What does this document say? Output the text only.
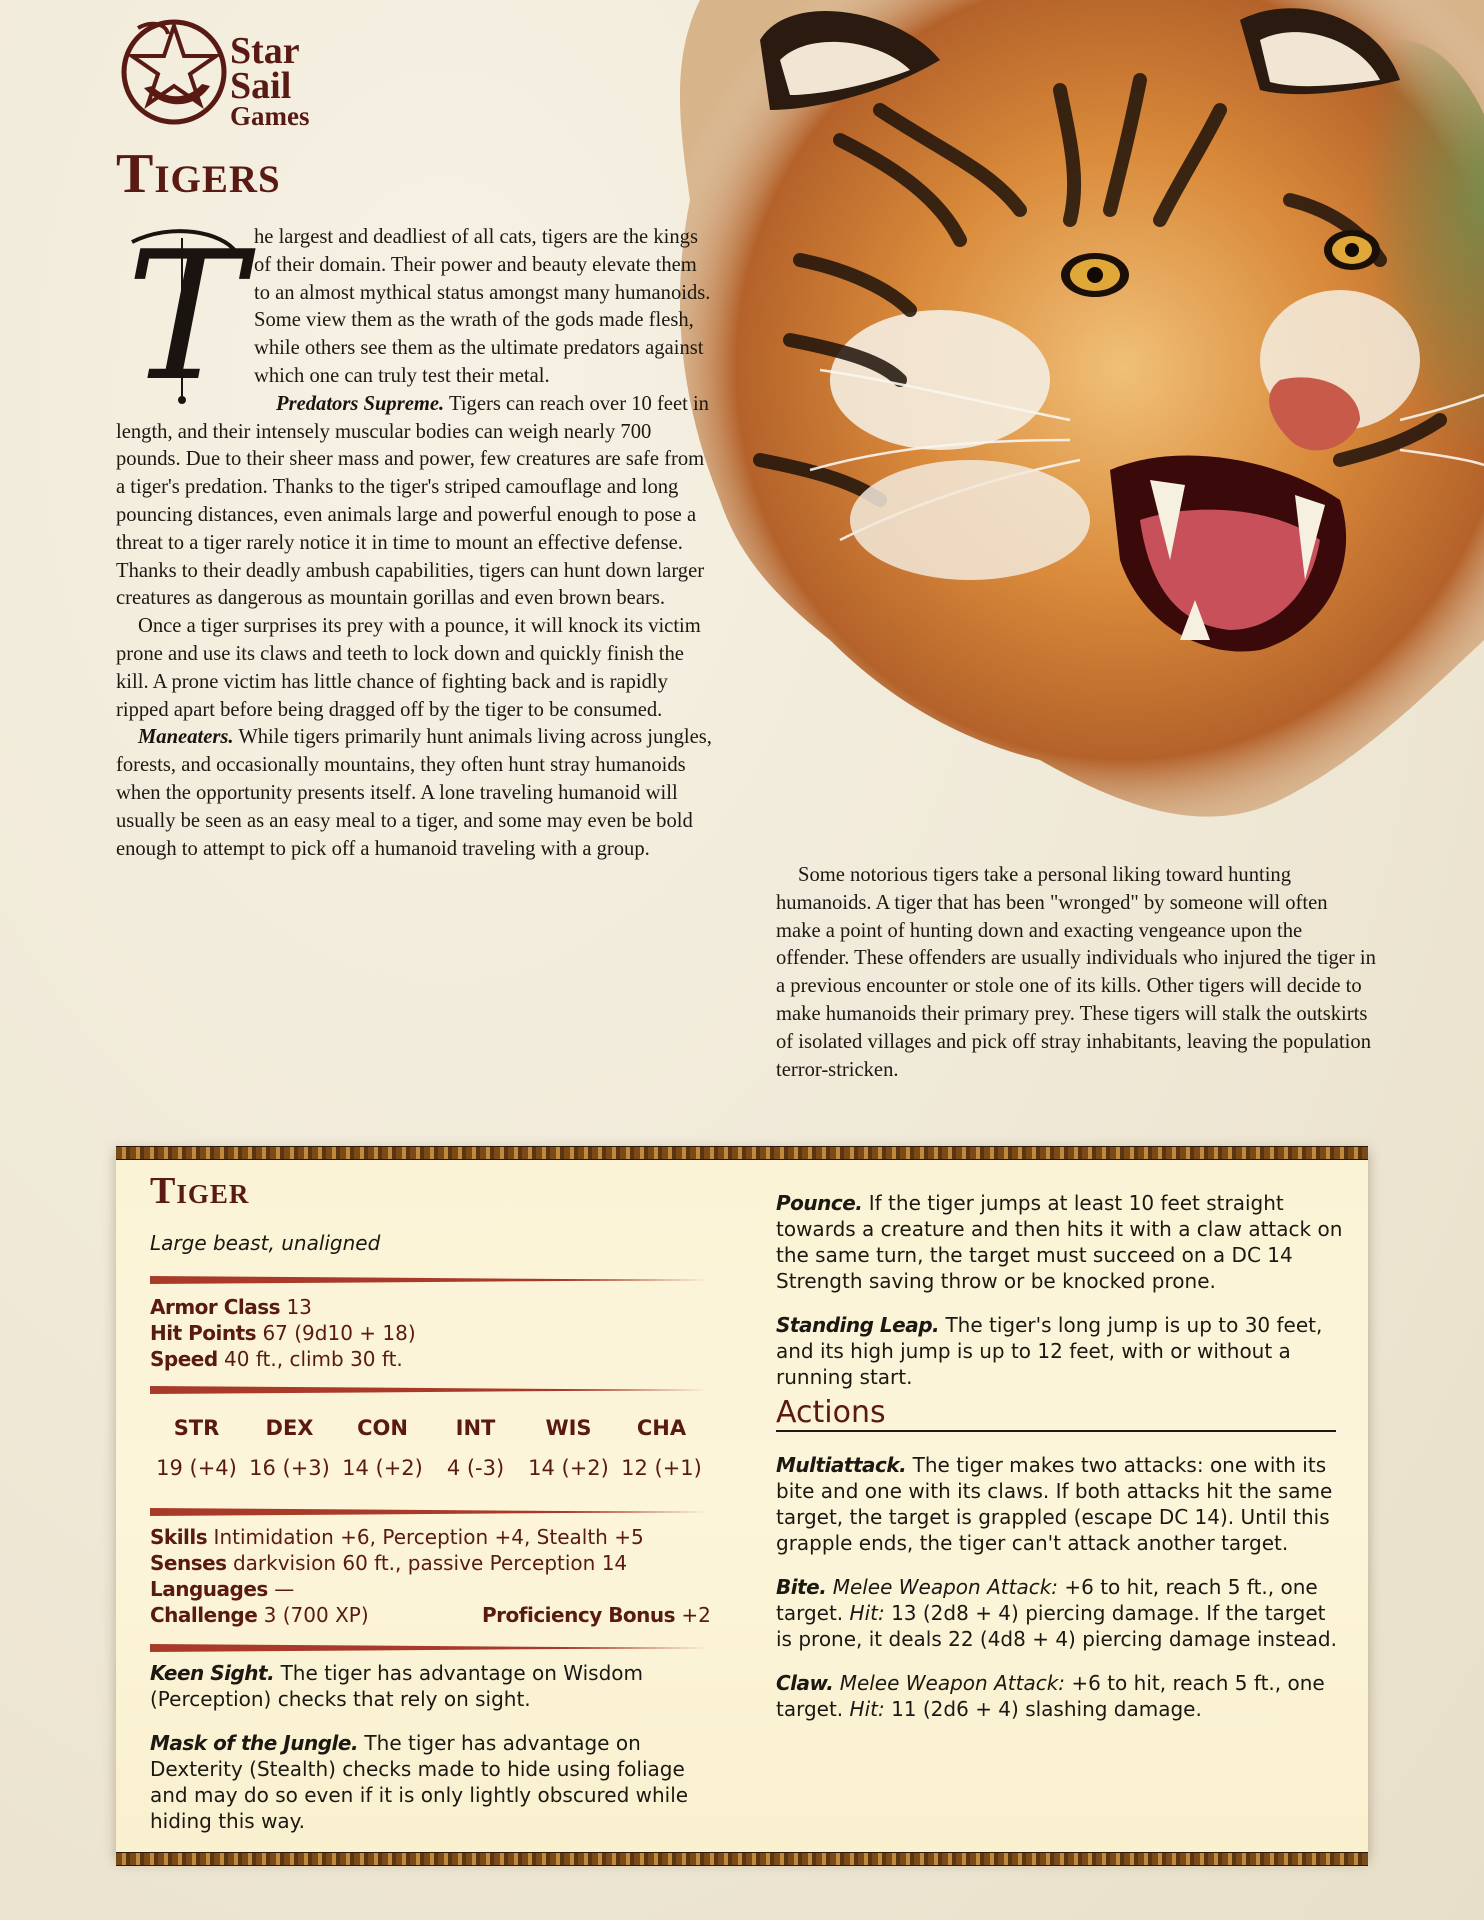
Star
Sail
Games
Tigers

T he largest and deadliest of all cats, tigers are the kings of their domain. Their power and beauty elevate them to an almost mythical status amongst many humanoids. Some view them as the wrath of the gods made flesh, while others see them as the ultimate predators against which one can truly test their metal.

Predators Supreme. Tigers can reach over 10 feet in length, and their intensely muscular bodies can weigh nearly 700 pounds. Due to their sheer mass and power, few creatures are safe from a tiger's predation. Thanks to the tiger's striped camouflage and long pouncing distances, even animals large and powerful enough to pose a threat to a tiger rarely notice it in time to mount an effective defense. Thanks to their deadly ambush capabilities, tigers can hunt down larger creatures as dangerous as mountain gorillas and even brown bears.

Once a tiger surprises its prey with a pounce, it will knock its victim prone and use its claws and teeth to lock down and quickly finish the kill. A prone victim has little chance of fighting back and is rapidly ripped apart before being dragged off by the tiger to be consumed.

Maneaters. While tigers primarily hunt animals living across jungles, forests, and occasionally mountains, they often hunt stray humanoids when the opportunity presents itself. A lone traveling humanoid will usually be seen as an easy meal to a tiger, and some may even be bold enough to attempt to pick off a humanoid traveling with a group.

Some notorious tigers take a personal liking toward hunting humanoids. A tiger that has been "wronged" by someone will often make a point of hunting down and exacting vengeance upon the offender. These offenders are usually individuals who injured the tiger in a previous encounter or stole one of its kills. Other tigers will decide to make humanoids their primary prey. These tigers will stalk the outskirts of isolated villages and pick off stray inhabitants, leaving the population terror-stricken.

Tiger
Large beast, unaligned
Armor Class 13
Hit Points 67 (9d10 + 18)
Speed 40 ft., climb 30 ft.
STR	DEX	CON	INT	WIS	CHA
19 (+4) 16 (+3) 14 (+2)	4 (-3)	14 (+2) 12 (+1)
Skills Intimidation +6, Perception +4, Stealth +5
Senses darkvision 60 ft., passive Perception 14
Languages —
Challenge 3 (700 XP)	Proficiency Bonus +2
Keen Sight. The tiger has advantage on Wisdom (Perception) checks that rely on sight.
Mask of the Jungle. The tiger has advantage on Dexterity (Stealth) checks made to hide using foliage and may do so even if it is only lightly obscured while hiding this way.
Pounce. If the tiger jumps at least 10 feet straight towards a creature and then hits it with a claw attack on the same turn, the target must succeed on a DC 14 Strength saving throw or be knocked prone.
Standing Leap. The tiger's long jump is up to 30 feet, and its high jump is up to 12 feet, with or without a running start.
Actions
Multiattack. The tiger makes two attacks: one with its bite and one with its claws. If both attacks hit the same target, the target is grappled (escape DC 14). Until this grapple ends, the tiger can't attack another target.
Bite. Melee Weapon Attack: +6 to hit, reach 5 ft., one target. Hit: 13 (2d8 + 4) piercing damage. If the target is prone, it deals 22 (4d8 + 4) piercing damage instead.
Claw. Melee Weapon Attack: +6 to hit, reach 5 ft., one target. Hit: 11 (2d6 + 4) slashing damage.
